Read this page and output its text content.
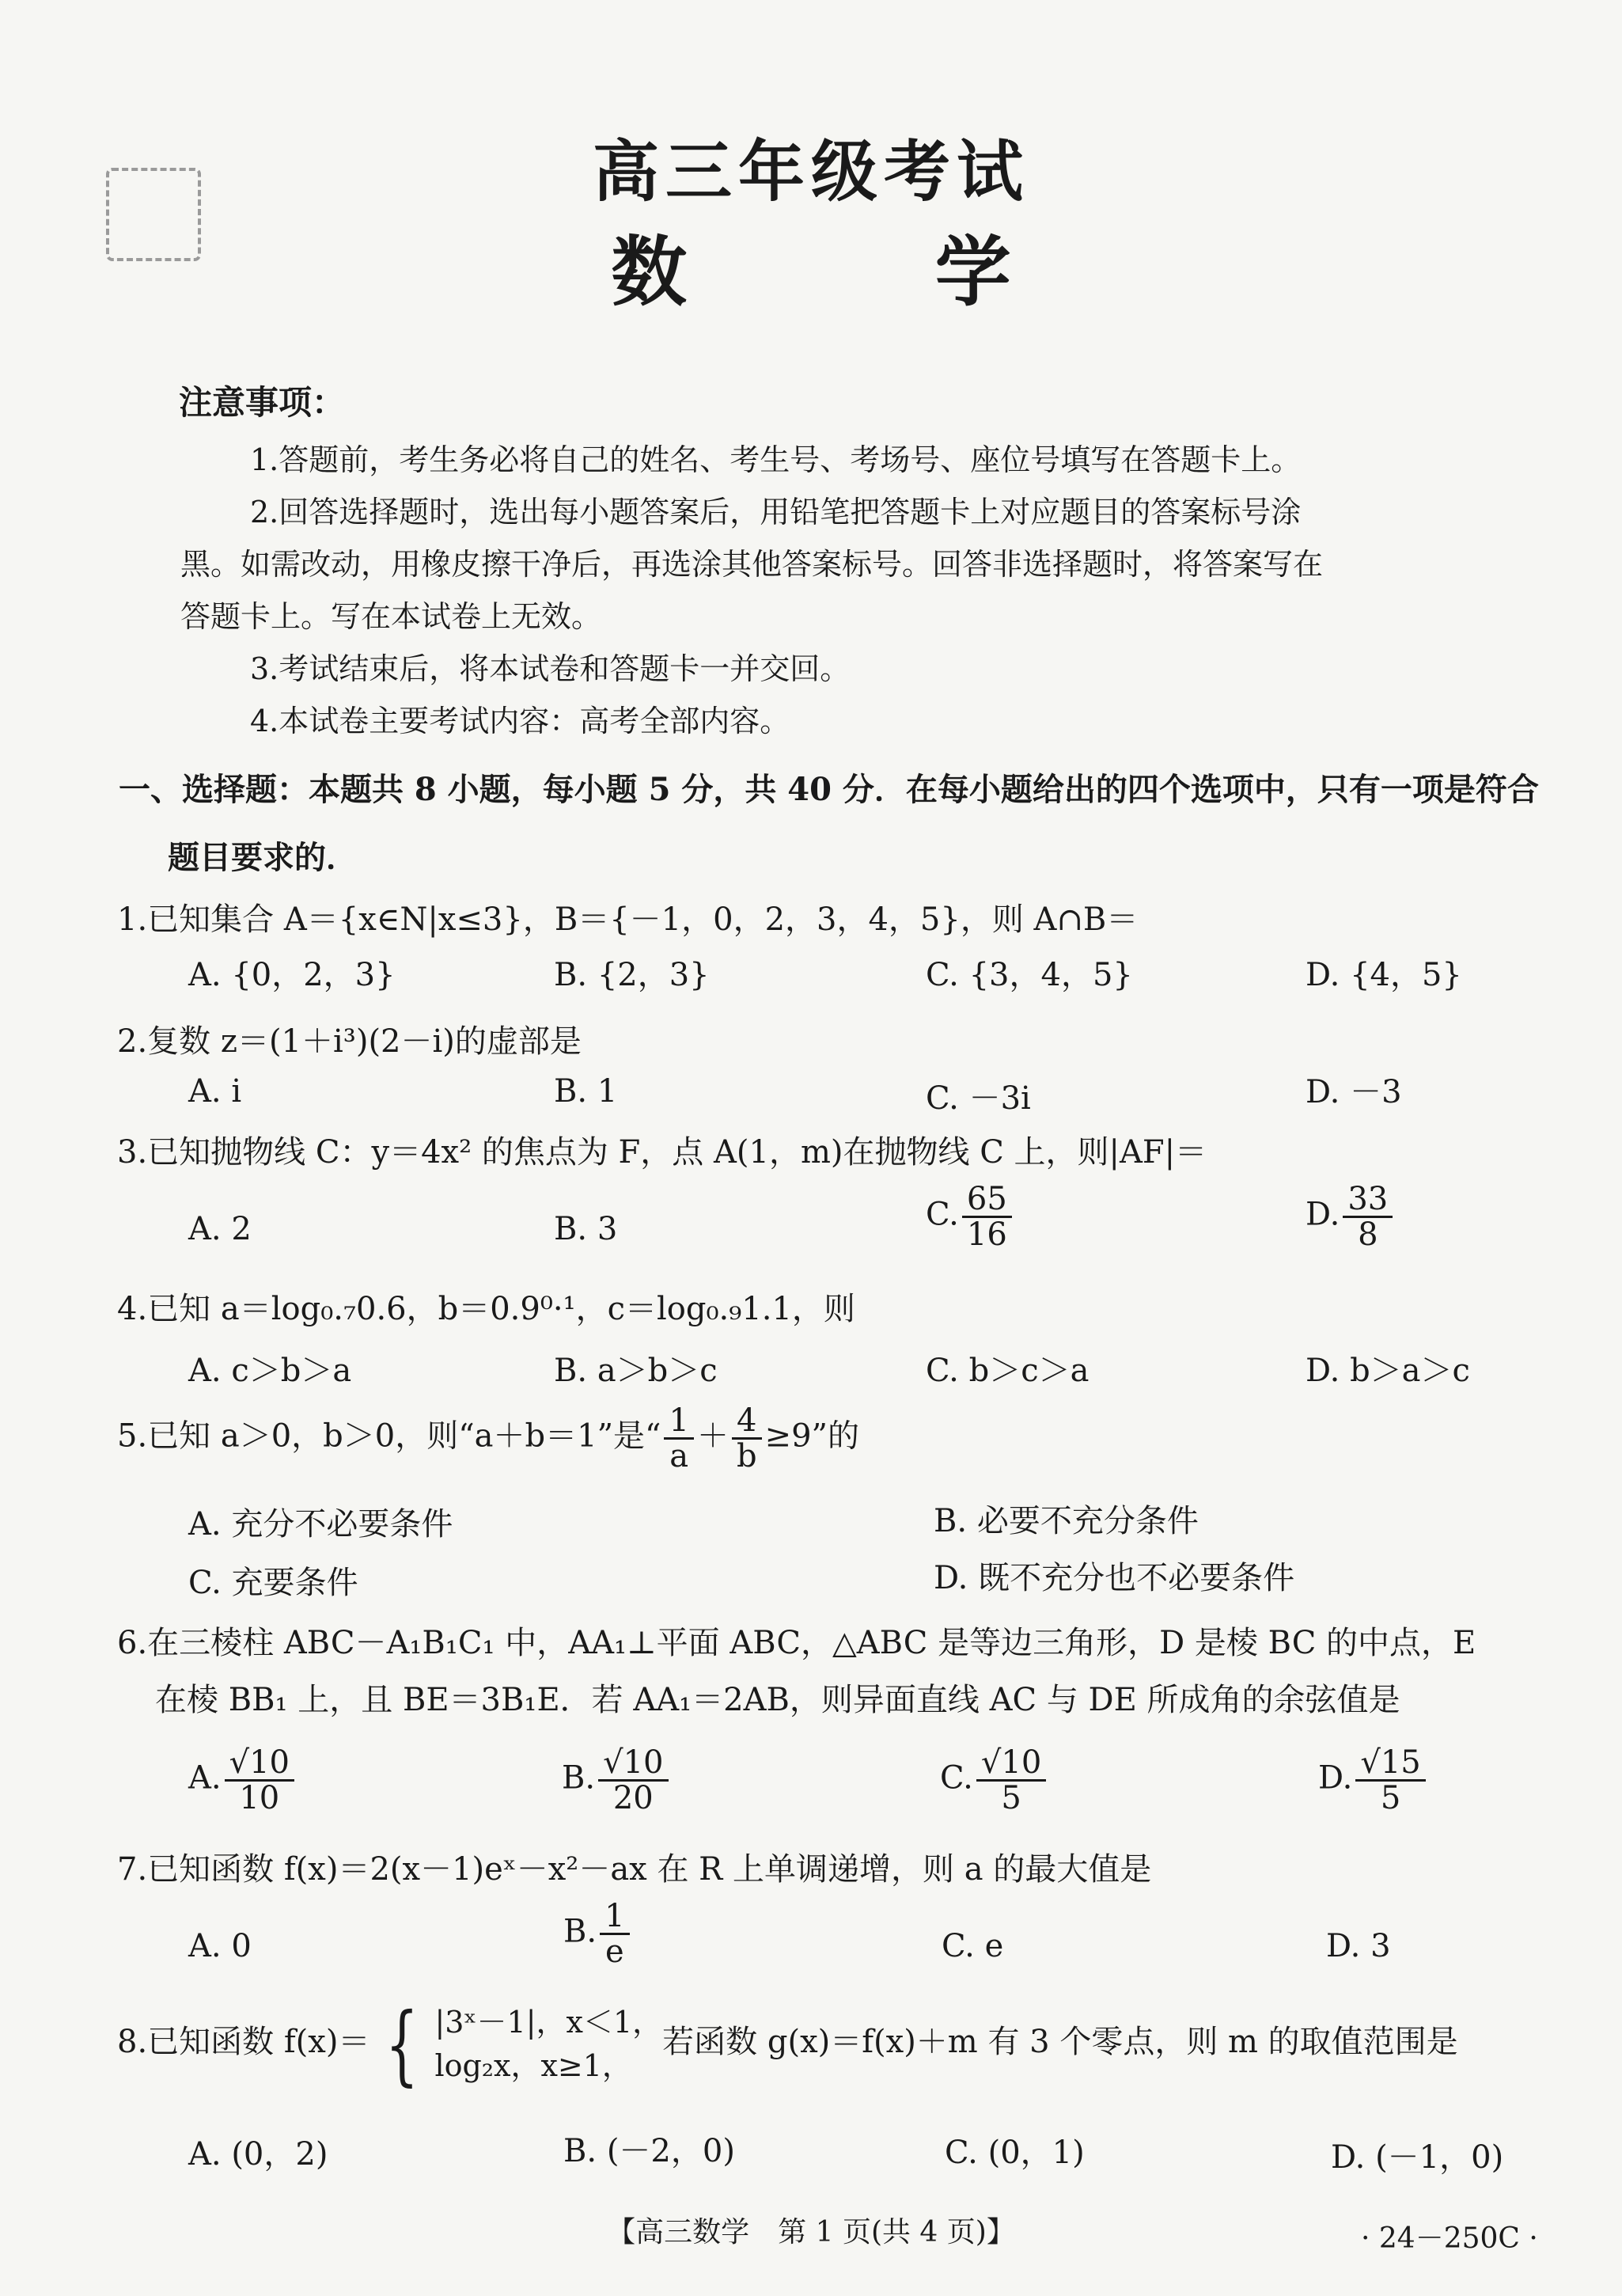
高三年级考试
数 学
注意事项：
1.答题前，考生务必将自己的姓名、考生号、考场号、座位号填写在答题卡上。
2.回答选择题时，选出每小题答案后，用铅笔把答题卡上对应题目的答案标号涂
黑。如需改动，用橡皮擦干净后，再选涂其他答案标号。回答非选择题时，将答案写在
答题卡上。写在本试卷上无效。
3.考试结束后，将本试卷和答题卡一并交回。
4.本试卷主要考试内容：高考全部内容。
一、选择题：本题共 8 小题，每小题 5 分，共 40 分．在每小题给出的四个选项中，只有一项是符合
题目要求的．
1.已知集合 A＝{x∈N|x≤3}，B＝{－1，0，2，3，4，5}，则 A∩B＝
A. {0，2，3}	B. {2，3}	C. {3，4，5}	D. {4，5}
2.复数 z＝(1＋i³)(2－i)的虚部是
A. i	B. 1	C. －3i	D. －3
3.已知抛物线 C：y＝4x² 的焦点为 F，点 A(1，m)在抛物线 C 上，则|AF|＝
A. 2	B. 3	C. $\frac{65}{16}$	D. $\frac{33}{8}$
4.已知 a＝log₀.₇0.6，b＝0.9⁰·¹，c＝log₀.₉1.1，则
A. c＞b＞a	B. a＞b＞c	C. b＞c＞a	D. b＞a＞c
5.已知 a＞0，b＞0，则“a＋b＝1”是“ $\frac{1}{a} + \frac{4}{b} \ge 9$”的
A. 充分不必要条件	B. 必要不充分条件
C. 充要条件	D. 既不充分也不必要条件
6.在三棱柱 ABC－A₁B₁C₁ 中，AA₁⊥平面 ABC，△ABC 是等边三角形，D 是棱 BC 的中点，E
在棱 BB₁ 上，且 BE＝3B₁E．若 AA₁＝2AB，则异面直线 AC 与 DE 所成角的余弦值是
A. $\frac{√10}{10}$	B. $\frac{√10}{20}$	C. $\frac{√10}{5}$	D. $\frac{√15}{5}$
7.已知函数 f(x)＝2(x－1)eˣ－x²－ax 在 R 上单调递增，则 a 的最大值是
A. 0	B. $\frac{1}{e}$	C. e	D. 3
8.已知函数 f(x)＝ { |3ˣ－1|，x＜1，
log₂x，x≥1，
若函数 g(x)＝f(x)＋m 有 3 个零点，则 m 的取值范围是
A. (0，2)	B. (－2，0)	C. (0，1)	D. (－1，0)
【高三数学　第 1 页(共 4 页)】	· 24－250C ·
